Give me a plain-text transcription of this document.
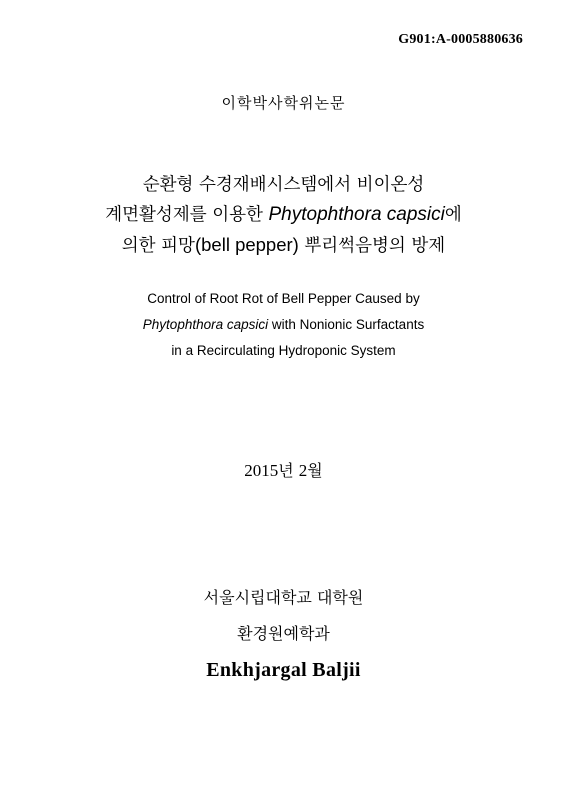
G901:A-0005880636
이학박사학위논문
순환형 수경재배시스템에서 비이온성
계면활성제를 이용한 Phytophthora capsici에
의한 피망(bell pepper) 뿌리썩음병의 방제
Control of Root Rot of Bell Pepper Caused by
Phytophthora capsici with Nonionic Surfactants
in a Recirculating Hydroponic System
2015년 2월
서울시립대학교 대학원
환경원예학과
Enkhjargal Baljii
